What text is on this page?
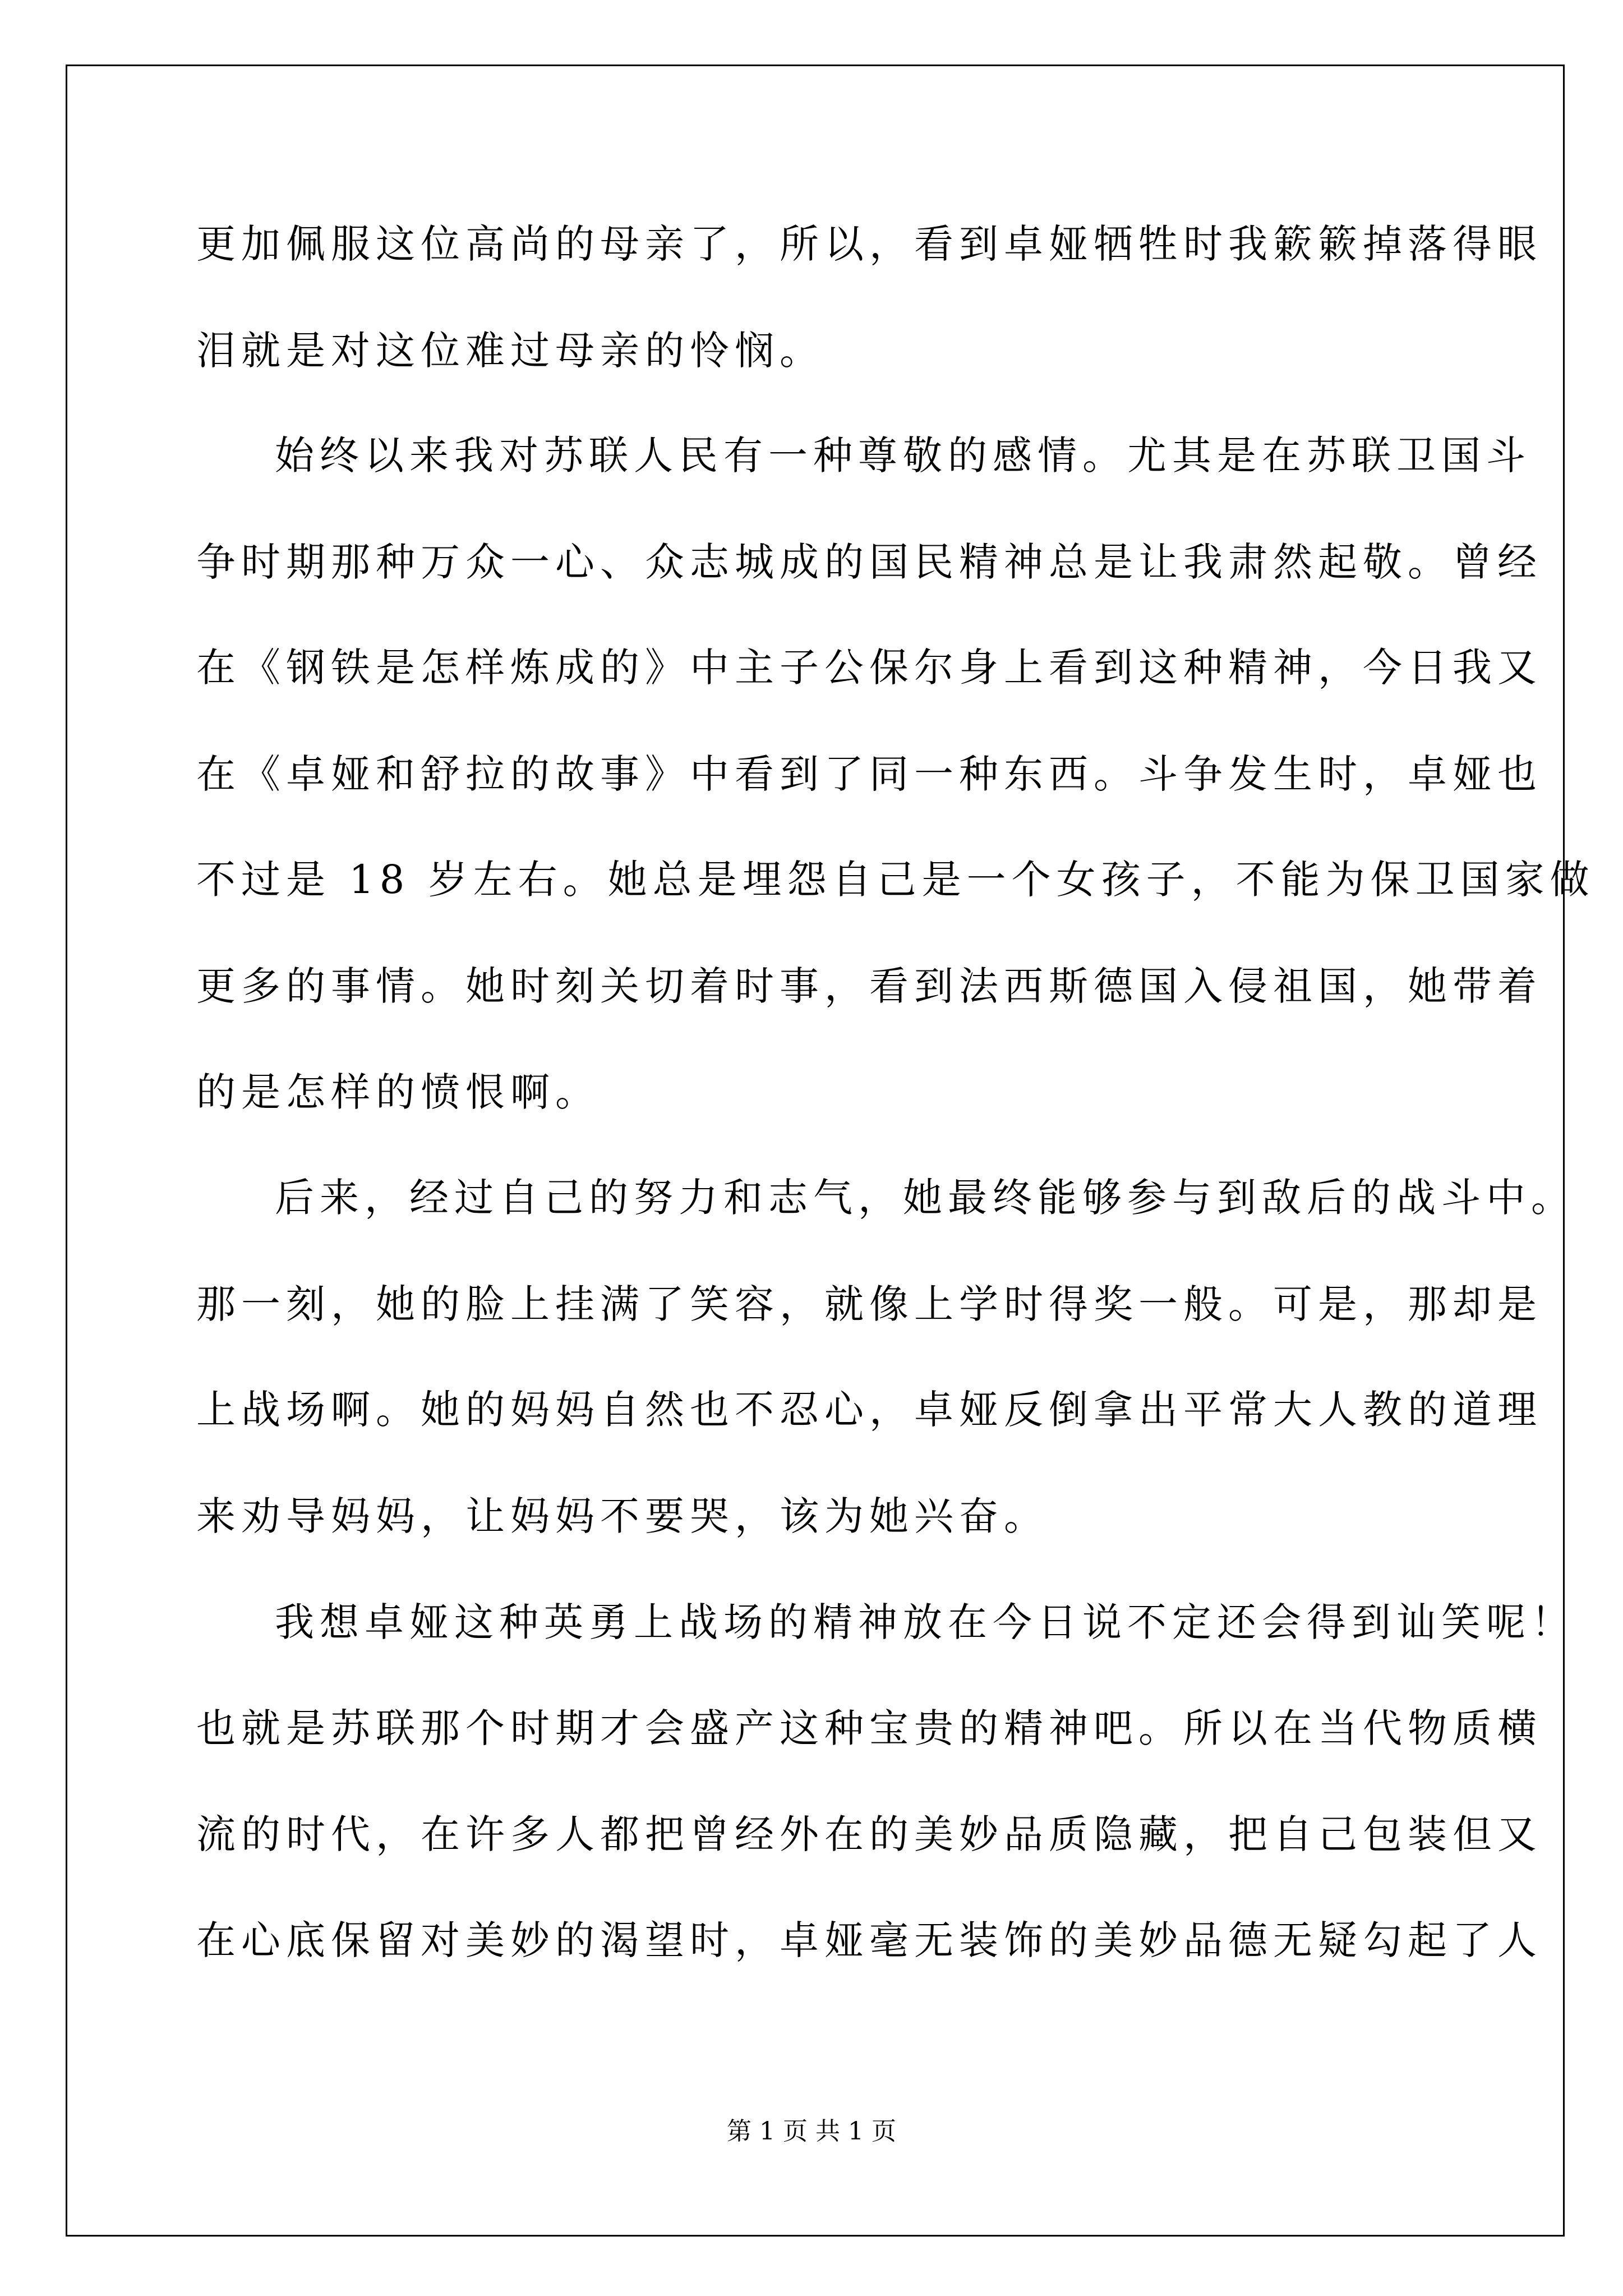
更加佩服这位高尚的母亲了，所以，看到卓娅牺牲时我簌簌掉落得眼
泪就是对这位难过母亲的怜悯。
始终以来我对苏联人民有一种尊敬的感情。尤其是在苏联卫国斗
争时期那种万众一心、众志城成的国民精神总是让我肃然起敬。曾经
在《钢铁是怎样炼成的》中主子公保尔身上看到这种精神，今日我又
在《卓娅和舒拉的故事》中看到了同一种东西。斗争发生时，卓娅也
不过是 18 岁左右。她总是埋怨自己是一个女孩子，不能为保卫国家做
更多的事情。她时刻关切着时事，看到法西斯德国入侵祖国，她带着
的是怎样的愤恨啊。
后来，经过自己的努力和志气，她最终能够参与到敌后的战斗中。
那一刻，她的脸上挂满了笑容，就像上学时得奖一般。可是，那却是
上战场啊。她的妈妈自然也不忍心，卓娅反倒拿出平常大人教的道理
来劝导妈妈，让妈妈不要哭，该为她兴奋。
我想卓娅这种英勇上战场的精神放在今日说不定还会得到讪笑呢！
也就是苏联那个时期才会盛产这种宝贵的精神吧。所以在当代物质横
流的时代，在许多人都把曾经外在的美妙品质隐藏，把自己包装但又
在心底保留对美妙的渴望时，卓娅毫无装饰的美妙品德无疑勾起了人
第 1 页 共 1 页
